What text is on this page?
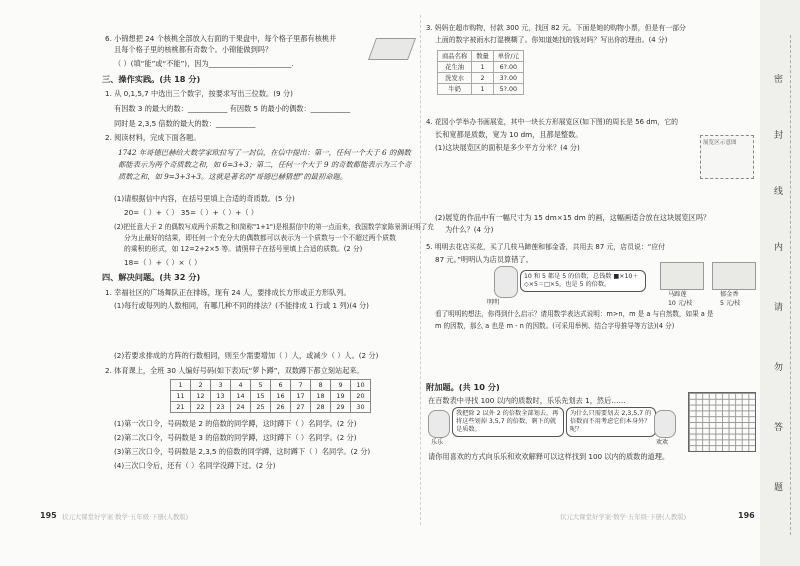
6. 小锦想把 24 个核桃全部放入右面的干果盘中，每个格子里都有核桃并
且每个格子里的核桃都有奇数个。小锦能做到吗？
（ ）(填“能”或“不能”)，因为_______________________.
三、操作实践。(共 18 分)
1. 从 0,1,5,7 中选出三个数字，按要求写出三位数。(9 分)
有因数 3 的最大的数：___________ 有因数 5 的最小的偶数：___________
同时是 2,3,5 倍数的最大的数：___________
2. 阅读材料，完成下面各题。
1742 年哥德巴赫给大数学家欧拉写了一封信，在信中提出：第一，任何一个大于 6 的偶数都能表示为两个奇质数之和，如 6=3+3；第二，任何一个大于 9 的奇数都能表示为三个奇质数之和，如 9=3+3+3。这就是著名的“哥德巴赫猜想”的最初命题。
(1)请根据信中内容，在括号里填上合适的奇质数。(5 分)
20=（ ）+（ ） 35=（ ）+（ ）+（ ）
(2)把任意大于 2 的偶数写成两个质数之和(简称"1+1")是根据信中的第一点而来，我国数学家陈景润证明了充
分为止最好的结果，即任何一个充分大的偶数都可以表示为一个质数与一个不超过两个质数
的乘积的形式，如 12=2+2×5 等。请照样子在括号里填上合适的质数。(2 分)
18=（ ）+（ ）×（ ）
四、解决问题。(共 32 分)
1. 幸福社区的广场舞队正在排练，现有 24 人，要排成长方形或正方形队列。
(1)每行或每列的人数相同，有哪几种不同的排法？(不能排成 1 行或 1 列)(4 分)
(2)若要求排成的方阵的行数相同，则至少需要增加（ ）人，或减少（ ）人。(2 分)
2. 体育课上，全班 30 人编好号码(如下表)玩“萝卜蹲”，双数蹲下都立刻站起来。
1	2	3	4	5	6	7	8	9	10
11	12	13	14	15	16	17	18	19	20
21	22	23	24	25	26	27	28	29	30
(1)第一次口令，号码数是 2 的倍数的同学蹲，这时蹲下（ ）名同学。(2 分)
(2)第二次口令，号码数是 3 的倍数的同学蹲，这时蹲下（ ）名同学。(2 分)
(3)第三次口令，号码数是 2,3,5 的倍数的同学蹲，这时蹲下（ ）名同学。(2 分)
(4)三次口令后，还有（ ）名同学没蹲下过。(2 分)
195 状元大课堂好学案·数学·五年级·下册(人教版)
3. 妈妈在超市购物，付款 300 元，找回 82 元。下面是她的购物小票，但是有一部分
上面的数字被雨水打湿模糊了。你知道她找的钱对吗？写出你的理由。(4 分)
商品名称	数量	单价/元
花生油	1	6?.00
洗发水	2	3?.00
牛奶	1	5?.00
4. 花园小学举办书画展览，其中一块长方形展览区(如下图)的周长是 56 dm，它的
长和宽都是质数，宽为 10 dm，且都是整数。
(1)这块展览区的面积是多少平方分米？(4 分)	展览区示意图
(2)展览的作品中有一幅尺寸为 15 dm×15 dm 的画，这幅画适合放在这块展览区吗？
为什么？(4 分)
5. 明明去花店买花，买了几枝马蹄莲和郁金香，共用去 87 元，店员说：“应付
87 元。”明明认为店员算错了。
明明
10 和 5 都是 5 的倍数，总钱数 ■×10＋◇×5＝□×5，也是 5 的倍数。
马蹄莲
10 元/枝
郁金香
5 元/枝
看了明明的想法，你得到什么启示？请用数学表达式说明：m>n，m 是 a 与自然数，如果 a 是
m 的因数，那么 a 也是 m - n 的因数。(可采用举例、结合字母推导等方法)(4 分)
附加题。(共 10 分)
在百数表中寻找 100 以内的质数时，乐乐先划去 1，然后……
乐乐
我把除 2 以外 2 的倍数全部划去，再将这些划掉 3,5,7 的倍数，剩下的就是质数。
为什么只需要划去 2,3,5,7 的倍数而不用考虑它们本身外？呢？
欢欢
请你用喜欢的方式向乐乐和欢欢解释可以这样找到 100 以内的质数的道理。
状元大课堂好学案·数学·五年级·下册(人教版)	196
密
封
线
内
请
勿
答
题
